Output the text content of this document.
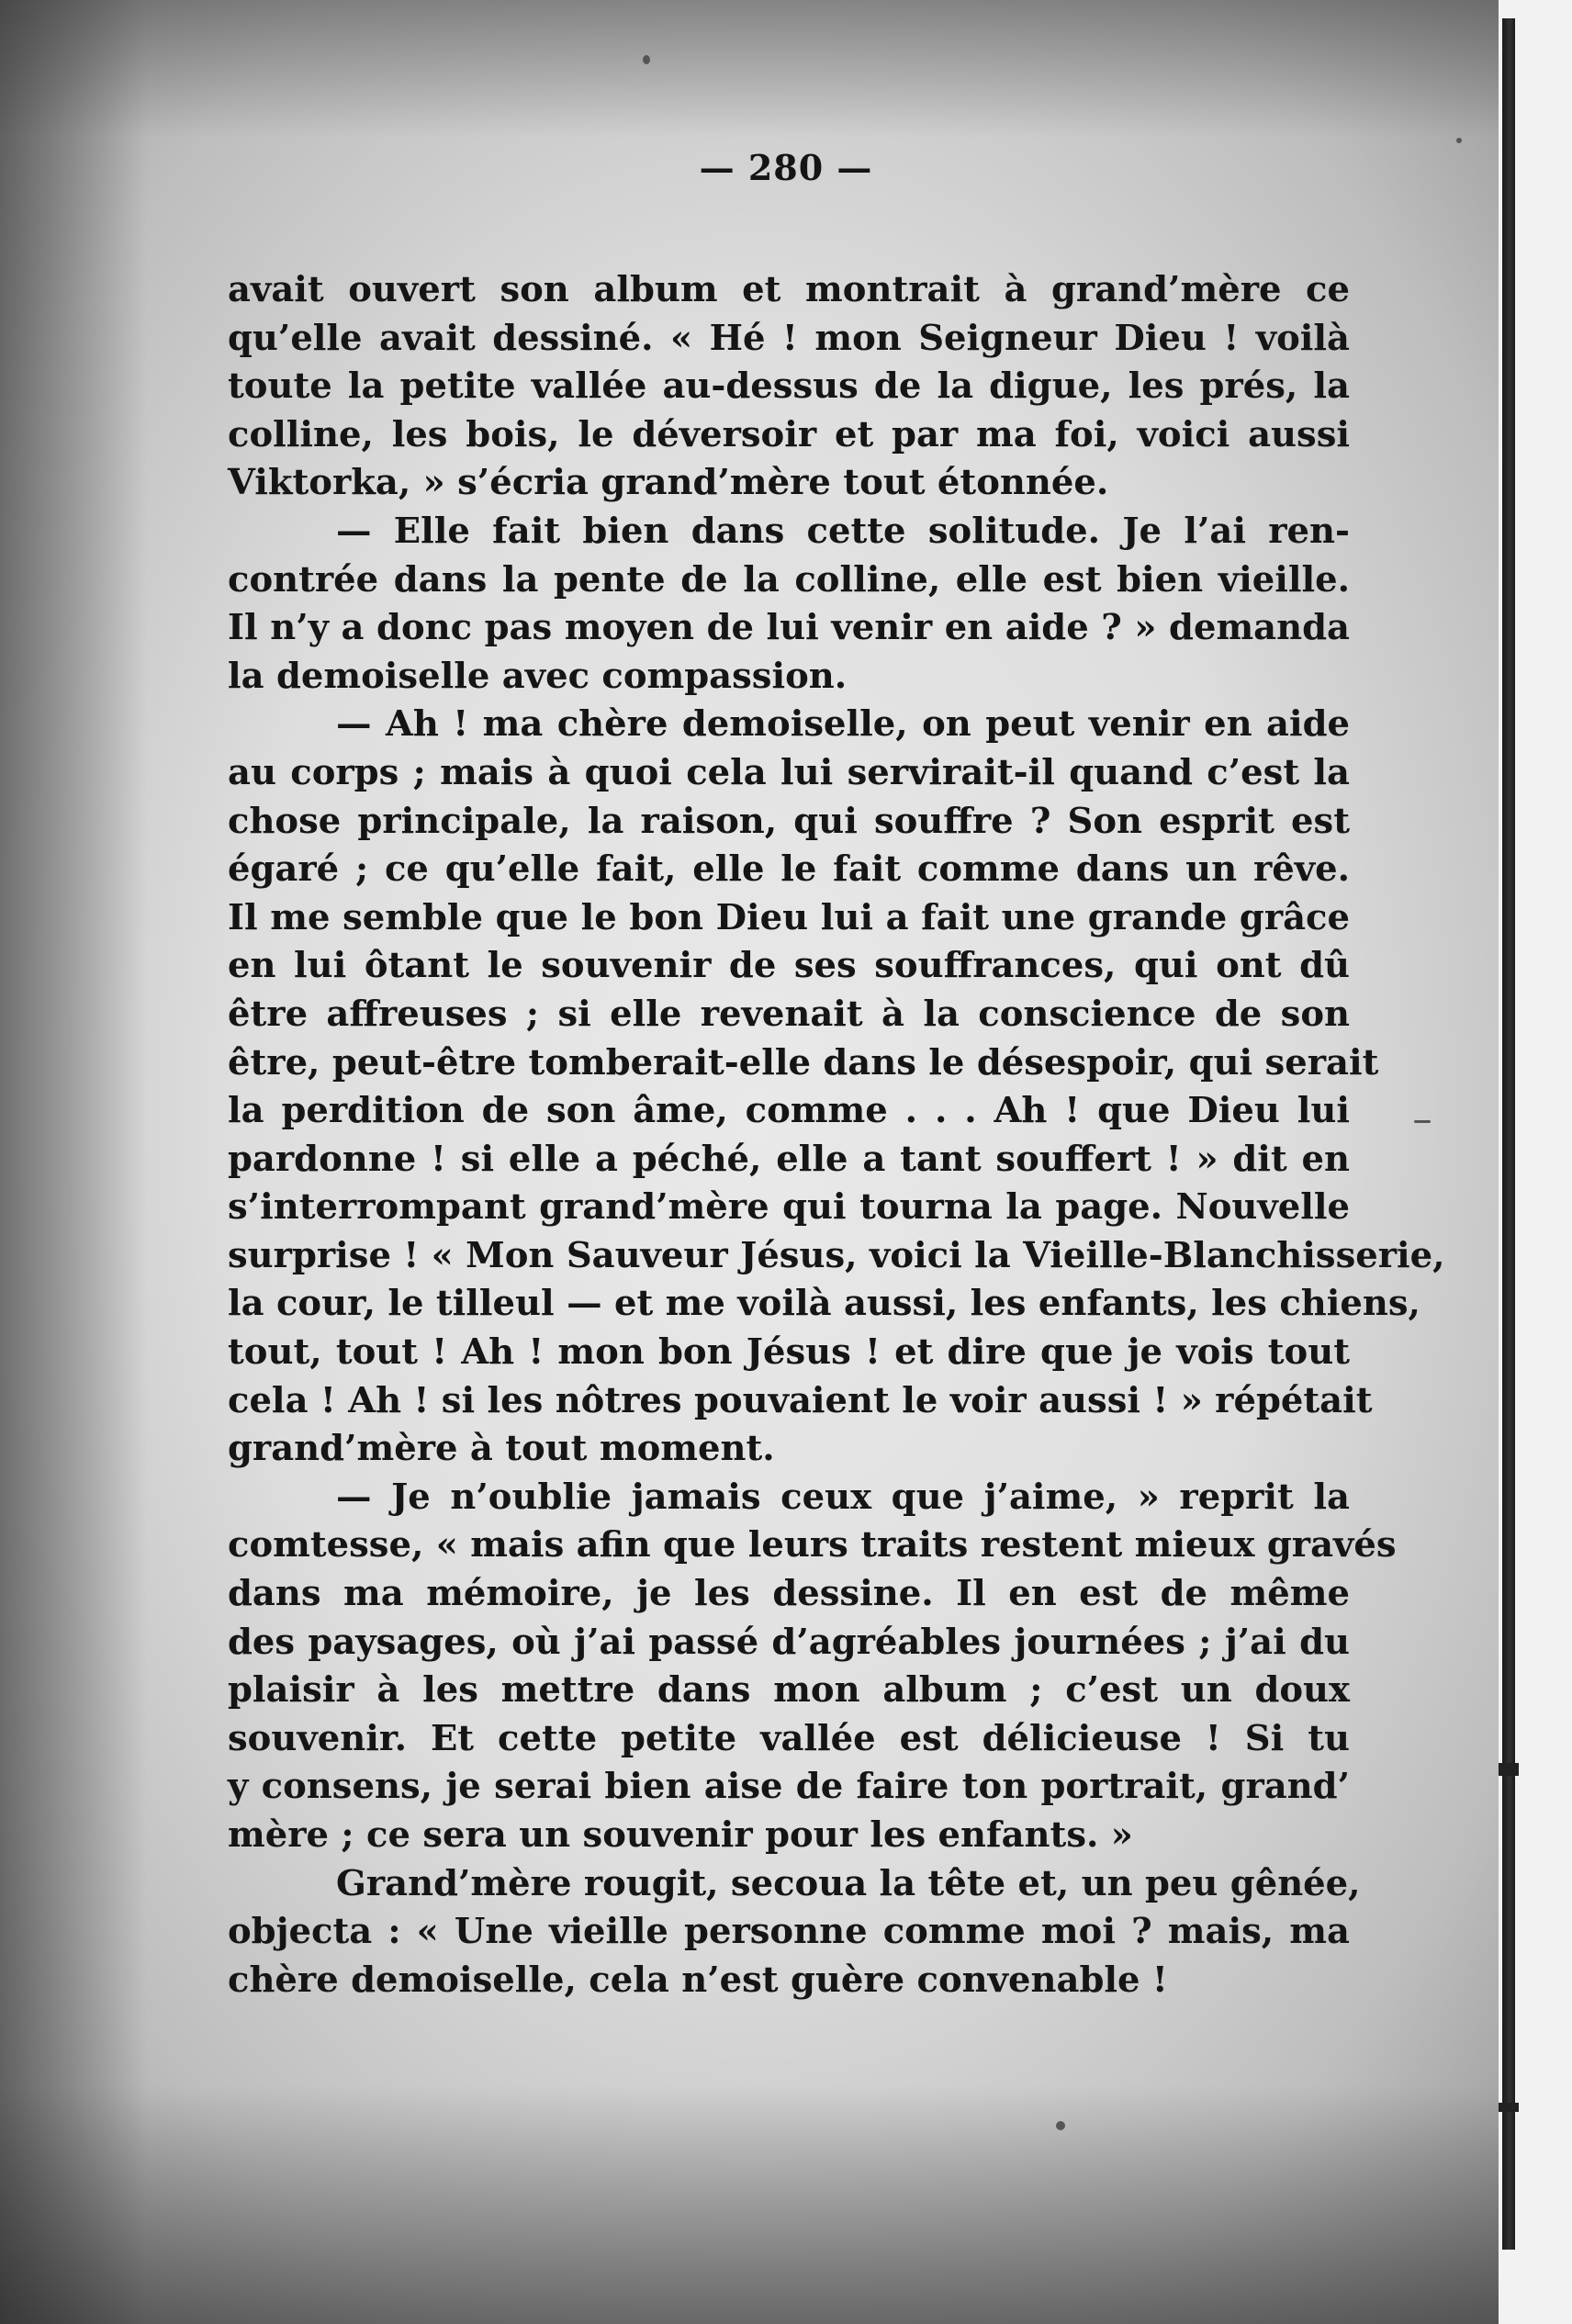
— 280 —

avait ouvert son album et montrait à grand’mère ce
qu’elle avait dessiné. « Hé ! mon Seigneur Dieu ! voilà
toute la petite vallée au-dessus de la digue, les prés, la
colline, les bois, le déversoir et par ma foi, voici aussi
Viktorka, » s’écria grand’mère tout étonnée.

— Elle fait bien dans cette solitude. Je l’ai ren-
contrée dans la pente de la colline, elle est bien vieille.
Il n’y a donc pas moyen de lui venir en aide ? » demanda
la demoiselle avec compassion.

— Ah ! ma chère demoiselle, on peut venir en aide
au corps ; mais à quoi cela lui servirait-il quand c’est la
chose principale, la raison, qui souffre ? Son esprit est
égaré ; ce qu’elle fait, elle le fait comme dans un rêve.
Il me semble que le bon Dieu lui a fait une grande grâce
en lui ôtant le souvenir de ses souffrances, qui ont dû
être affreuses ; si elle revenait à la conscience de son
être, peut-être tomberait-elle dans le désespoir, qui serait
la perdition de son âme, comme . . . Ah ! que Dieu lui
pardonne ! si elle a péché, elle a tant souffert ! » dit en
s’interrompant grand’mère qui tourna la page. Nouvelle
surprise ! « Mon Sauveur Jésus, voici la Vieille-Blanchisserie,
la cour, le tilleul — et me voilà aussi, les enfants, les chiens,
tout, tout ! Ah ! mon bon Jésus ! et dire que je vois tout
cela ! Ah ! si les nôtres pouvaient le voir aussi ! » répétait
grand’mère à tout moment.

— Je n’oublie jamais ceux que j’aime, » reprit la
comtesse, « mais afin que leurs traits restent mieux gravés
dans ma mémoire, je les dessine. Il en est de même
des paysages, où j’ai passé d’agréables journées ; j’ai du
plaisir à les mettre dans mon album ; c’est un doux
souvenir. Et cette petite vallée est délicieuse ! Si tu
y consens, je serai bien aise de faire ton portrait, grand’
mère ; ce sera un souvenir pour les enfants. »

Grand’mère rougit, secoua la tête et, un peu gênée,
objecta : « Une vieille personne comme moi ? mais, ma
chère demoiselle, cela n’est guère convenable !
